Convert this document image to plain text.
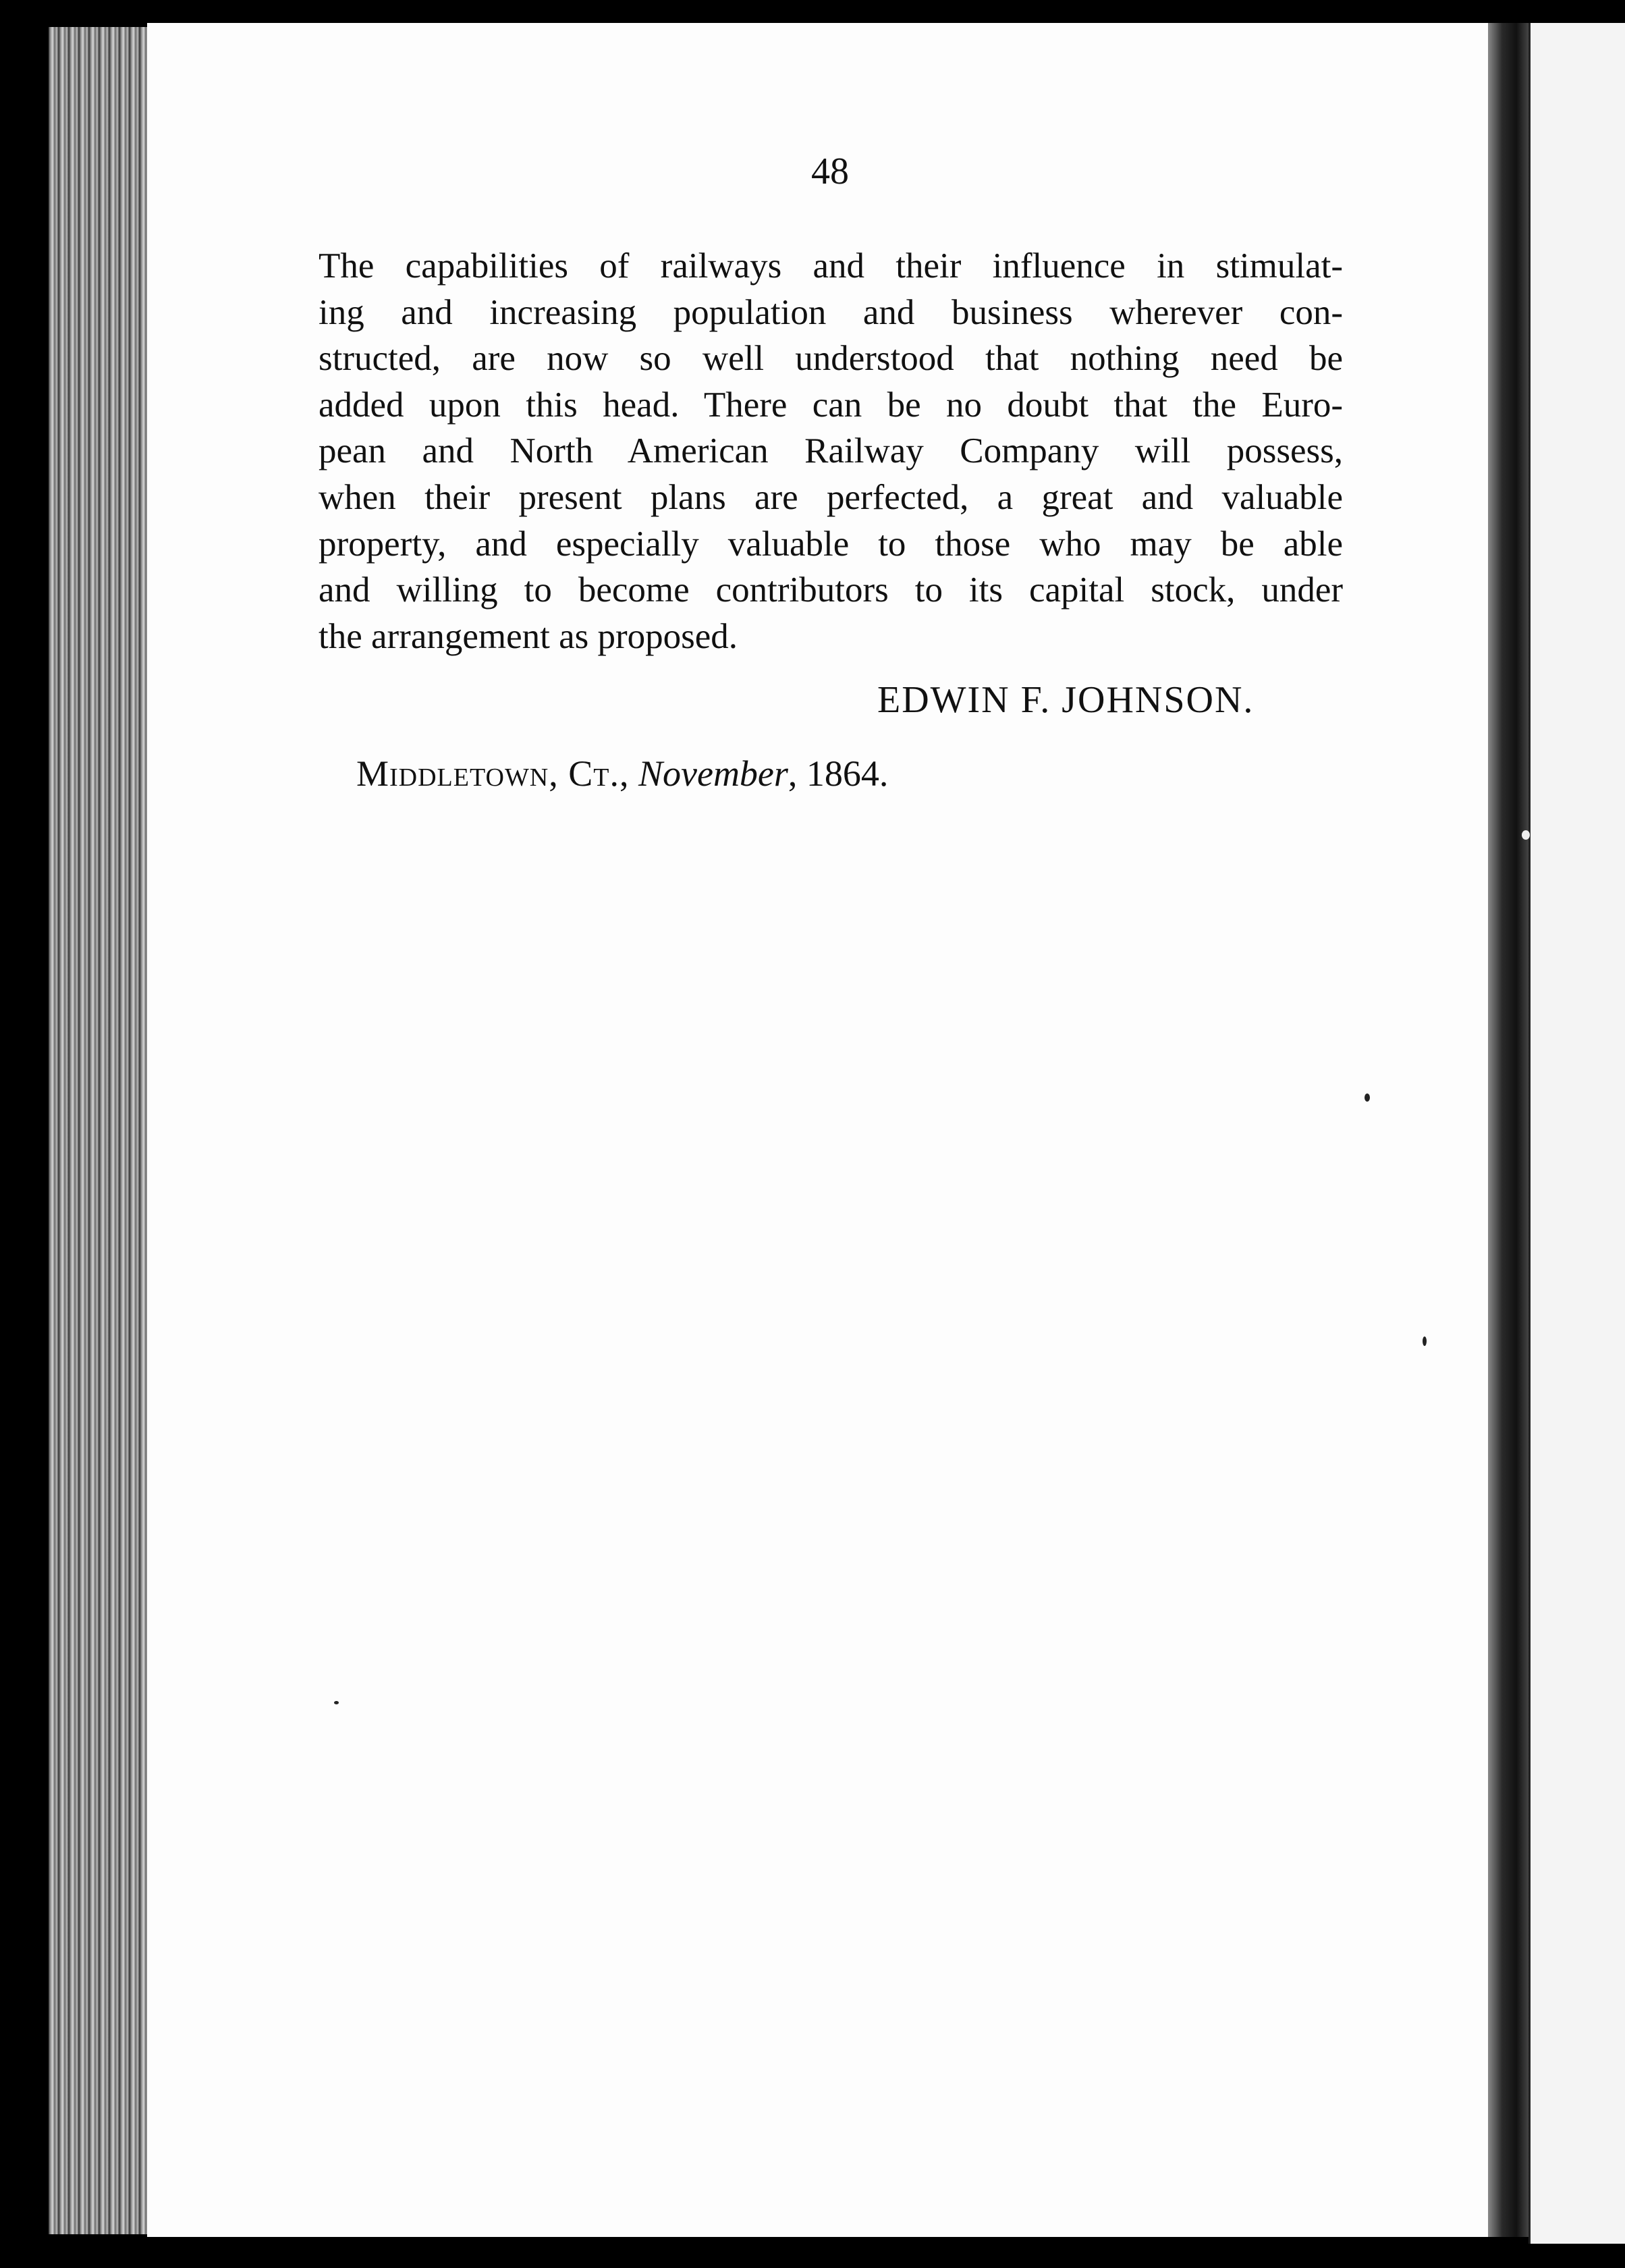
48

The capabilities of railways and their influence in stimulat-
ing and increasing population and business wherever con-
structed, are now so well understood that nothing need be
added upon this head. There can be no doubt that the Euro-
pean and North American Railway Company will possess,
when their present plans are perfected, a great and valuable
property, and especially valuable to those who may be able
and willing to become contributors to its capital stock, under
the arrangement as proposed.

EDWIN F. JOHNSON.
Middletown, Ct., November, 1864.
